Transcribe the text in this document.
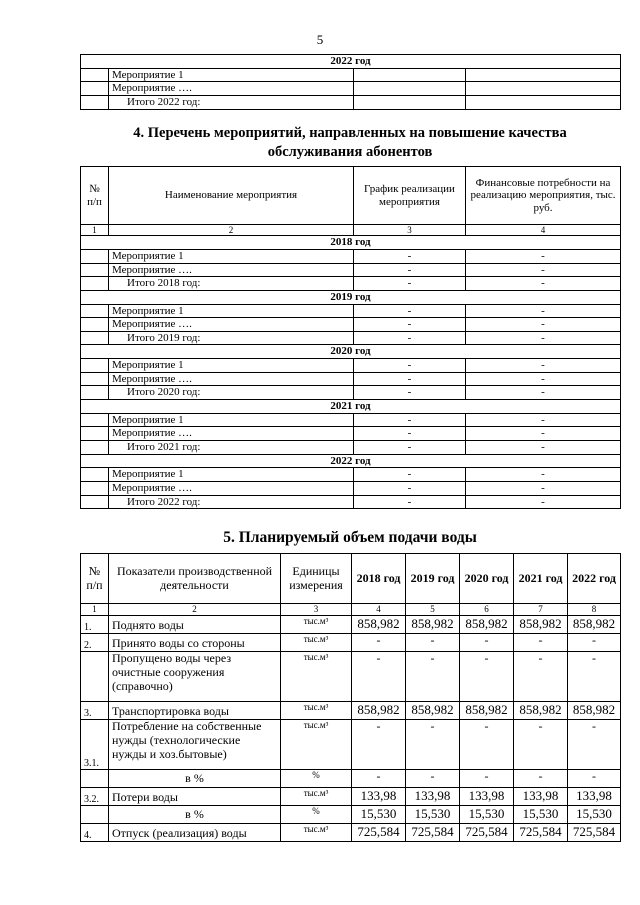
5
2022 год			
	Мероприятие 1		
	Мероприятие ….		
	Итого 2022 год:		
4. Перечень мероприятий, направленных на повышение качества
обслуживания абонентов
№ п/п	Наименование мероприятия	График реализации мероприятия	Финансовые потребности на реализацию мероприятия, тыс. руб.
1	2	3	4
2018 год			
	Мероприятие 1	-	-
	Мероприятие ….	-	-
	Итого 2018 год:	-	-
2019 год			
	Мероприятие 1	-	-
	Мероприятие ….	-	-
	Итого 2019 год:	-	-
2020 год			
	Мероприятие 1	-	-
	Мероприятие ….	-	-
	Итого 2020 год:	-	-
2021 год			
	Мероприятие 1	-	-
	Мероприятие ….	-	-
	Итого 2021 год:	-	-
2022 год			
	Мероприятие 1	-	-
	Мероприятие ….	-	-
	Итого 2022 год:	-	-
5. Планируемый объем подачи воды
№ п/п	Показатели производственной деятельности	Единицы измерения	2018 год	2019 год	2020 год	2021 год	2022 год
1	2	3	4	5	6	7	8
1.	Поднято воды	тыс.м³	858,982	858,982	858,982	858,982	858,982
2.	Принято воды со стороны	тыс.м³	-	-	-	-	-
	Пропущено воды через очистные сооружения (справочно)	тыс.м³	-	-	-	-	-
3.	Транспортировка воды	тыс.м³	858,982	858,982	858,982	858,982	858,982
3.1.	Потребление на собственные нужды (технологические нужды и хоз.бытовые)	тыс.м³	-	-	-	-	-
	в %	%	-	-	-	-	-
3.2.	Потери воды	тыс.м³	133,98	133,98	133,98	133,98	133,98
	в %	%	15,530	15,530	15,530	15,530	15,530
4.	Отпуск (реализация) воды	тыс.м³	725,584	725,584	725,584	725,584	725,584
